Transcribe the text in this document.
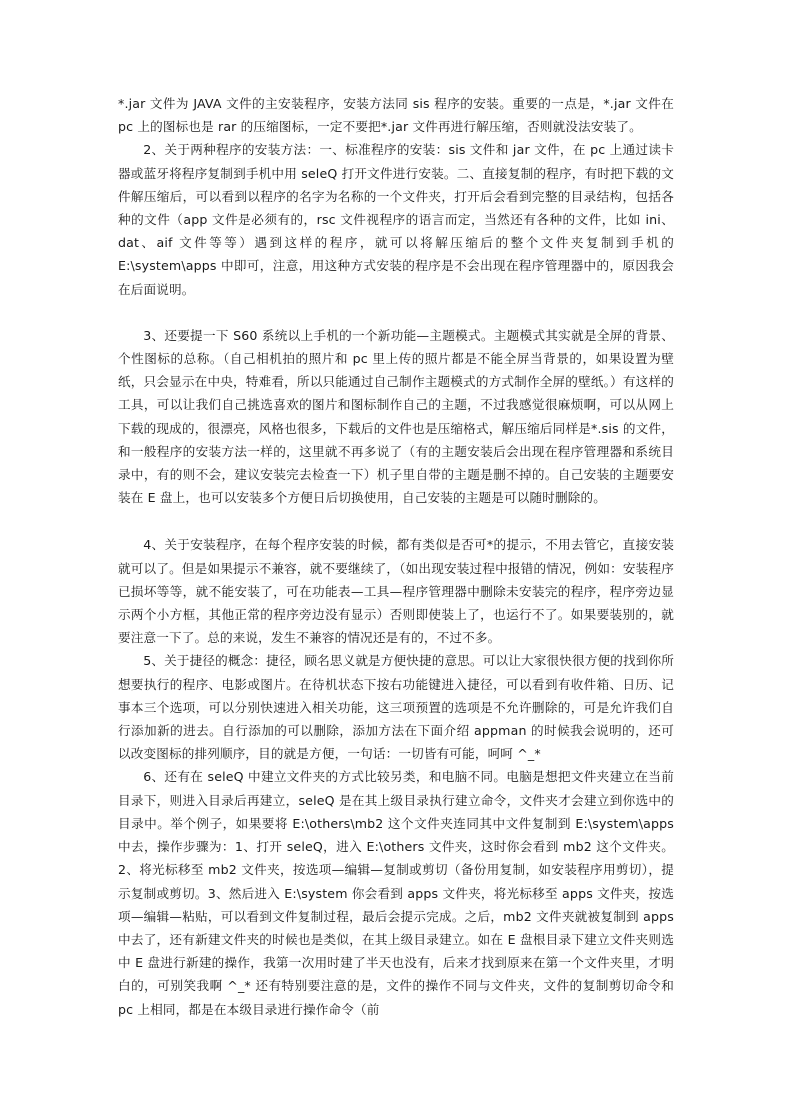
*.jar 文件为 JAVA 文件的主安装程序，安装方法同 sis 程序的安装。重要的一点是，*.jar 文件在 pc 上的图标也是 rar 的压缩图标，一定不要把*.jar 文件再进行解压缩，否则就没法安装了。

2、关于两种程序的安装方法：一、标准程序的安装：sis 文件和 jar 文件，在 pc 上通过读卡器或蓝牙将程序复制到手机中用 seleQ 打开文件进行安装。二、直接复制的程序，有时把下载的文件解压缩后，可以看到以程序的名字为名称的一个文件夹，打开后会看到完整的目录结构，包括各种的文件（app 文件是必须有的，rsc 文件视程序的语言而定，当然还有各种的文件，比如 ini、dat、aif 文件等等）遇到这样的程序，就可以将解压缩后的整个文件夹复制到手机的 E:\system\apps 中即可，注意，用这种方式安装的程序是不会出现在程序管理器中的，原因我会在后面说明。

3、还要提一下 S60 系统以上手机的一个新功能—主题模式。主题模式其实就是全屏的背景、个性图标的总称。（自己相机拍的照片和 pc 里上传的照片都是不能全屏当背景的，如果设置为壁纸，只会显示在中央，特难看，所以只能通过自己制作主题模式的方式制作全屏的壁纸。）有这样的工具，可以让我们自己挑选喜欢的图片和图标制作自己的主题，不过我感觉很麻烦啊，可以从网上下载的现成的，很漂亮，风格也很多，下载后的文件也是压缩格式，解压缩后同样是*.sis 的文件，和一般程序的安装方法一样的，这里就不再多说了（有的主题安装后会出现在程序管理器和系统目录中，有的则不会，建议安装完去检查一下）机子里自带的主题是删不掉的。自己安装的主题要安装在 E 盘上，也可以安装多个方便日后切换使用，自己安装的主题是可以随时删除的。

4、关于安装程序，在每个程序安装的时候，都有类似是否可*的提示，不用去管它，直接安装就可以了。但是如果提示不兼容，就不要继续了，（如出现安装过程中报错的情况，例如：安装程序已损坏等等，就不能安装了，可在功能表—工具—程序管理器中删除未安装完的程序，程序旁边显示两个小方框，其他正常的程序旁边没有显示）否则即使装上了，也运行不了。如果要装别的，就要注意一下了。总的来说，发生不兼容的情况还是有的，不过不多。

5、关于捷径的概念：捷径，顾名思义就是方便快捷的意思。可以让大家很快很方便的找到你所想要执行的程序、电影或图片。在待机状态下按右功能键进入捷径，可以看到有收件箱、日历、记事本三个选项，可以分别快速进入相关功能，这三项预置的选项是不允许删除的，可是允许我们自行添加新的进去。自行添加的可以删除，添加方法在下面介绍 appman 的时候我会说明的，还可以改变图标的排列顺序，目的就是方便，一句话：一切皆有可能，呵呵 ^_*

6、还有在 seleQ 中建立文件夹的方式比较另类，和电脑不同。电脑是想把文件夹建立在当前目录下，则进入目录后再建立，seleQ 是在其上级目录执行建立命令，文件夹才会建立到你选中的目录中。举个例子，如果要将 E:\others\mb2 这个文件夹连同其中文件复制到 E:\system\apps 中去，操作步骤为：1、打开 seleQ，进入 E:\others 文件夹，这时你会看到 mb2 这个文件夹。2、将光标移至 mb2 文件夹，按选项—编辑—复制或剪切（备份用复制，如安装程序用剪切），提示复制或剪切。3、然后进入 E:\system 你会看到 apps 文件夹，将光标移至 apps 文件夹，按选项—编辑—粘贴，可以看到文件复制过程，最后会提示完成。之后，mb2 文件夹就被复制到 apps 中去了，还有新建文件夹的时候也是类似，在其上级目录建立。如在 E 盘根目录下建立文件夹则选中 E 盘进行新建的操作，我第一次用时建了半天也没有，后来才找到原来在第一个文件夹里，才明白的，可别笑我啊 ^_* 还有特别要注意的是，文件的操作不同与文件夹，文件的复制剪切命令和 pc 上相同，都是在本级目录进行操作命令（前
